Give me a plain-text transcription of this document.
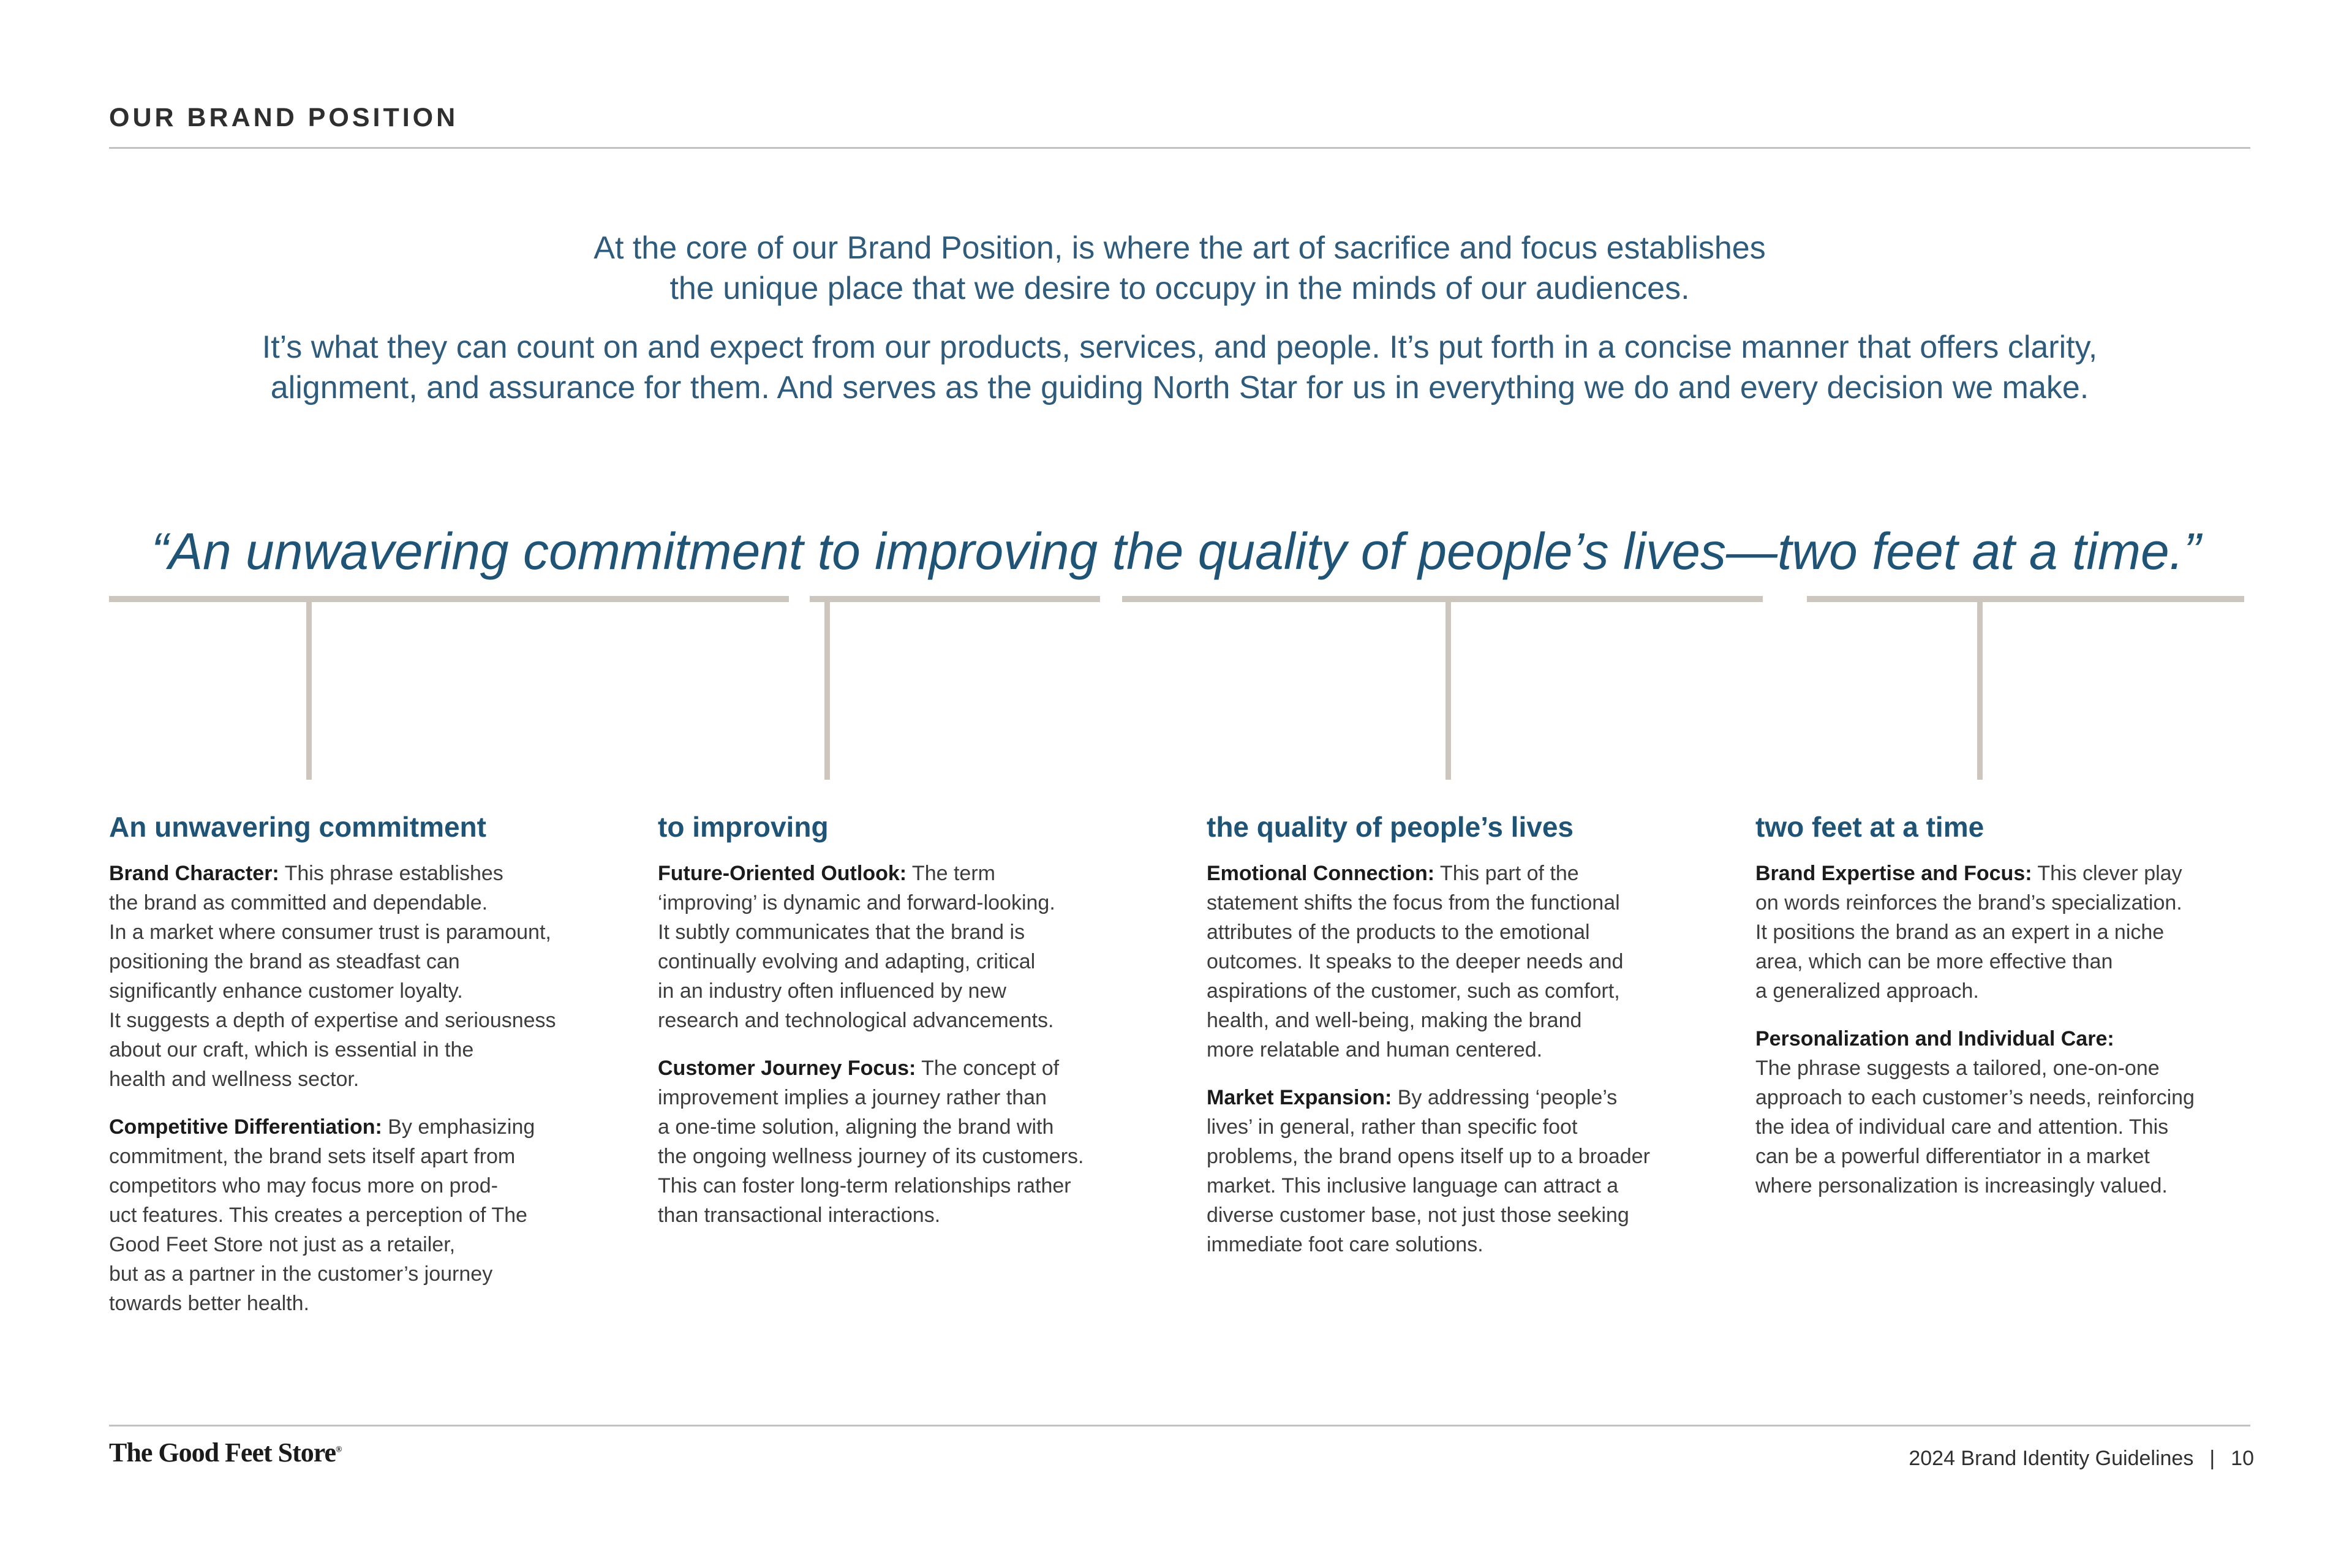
OUR BRAND POSITION

At the core of our Brand Position, is where the art of sacrifice and focus establishes
the unique place that we desire to occupy in the minds of our audiences.

It’s what they can count on and expect from our products, services, and people. It’s put forth in a concise manner that offers clarity,
alignment, and assurance for them. And serves as the guiding North Star for us in everything we do and every decision we make.

“An unwavering commitment to improving the quality of people’s lives—two feet at a time.”

An unwavering commitment

Brand Character: This phrase establishes
the brand as committed and dependable.
In a market where consumer trust is paramount,
positioning the brand as steadfast can
significantly enhance customer loyalty.
It suggests a depth of expertise and seriousness
about our craft, which is essential in the
health and wellness sector.

Competitive Differentiation: By emphasizing
commitment, the brand sets itself apart from
competitors who may focus more on prod-
uct features. This creates a perception of The
Good Feet Store not just as a retailer,
but as a partner in the customer’s journey
towards better health.

to improving

Future-Oriented Outlook: The term
‘improving’ is dynamic and forward-looking.
It subtly communicates that the brand is
continually evolving and adapting, critical
in an industry often influenced by new
research and technological advancements.

Customer Journey Focus: The concept of
improvement implies a journey rather than
a one-time solution, aligning the brand with
the ongoing wellness journey of its customers.
This can foster long-term relationships rather
than transactional interactions.

the quality of people’s lives

Emotional Connection: This part of the
statement shifts the focus from the functional
attributes of the products to the emotional
outcomes. It speaks to the deeper needs and
aspirations of the customer, such as comfort,
health, and well-being, making the brand
more relatable and human centered.

Market Expansion: By addressing ‘people’s
lives’ in general, rather than specific foot
problems, the brand opens itself up to a broader
market. This inclusive language can attract a
diverse customer base, not just those seeking
immediate foot care solutions.

two feet at a time

Brand Expertise and Focus: This clever play
on words reinforces the brand’s specialization.
It positions the brand as an expert in a niche
area, which can be more effective than
a generalized approach.

Personalization and Individual Care:
The phrase suggests a tailored, one-on-one
approach to each customer’s needs, reinforcing
the idea of individual care and attention. This
can be a powerful differentiator in a market
where personalization is increasingly valued.

The Good Feet Store®	2024 Brand Identity Guidelines | 10
